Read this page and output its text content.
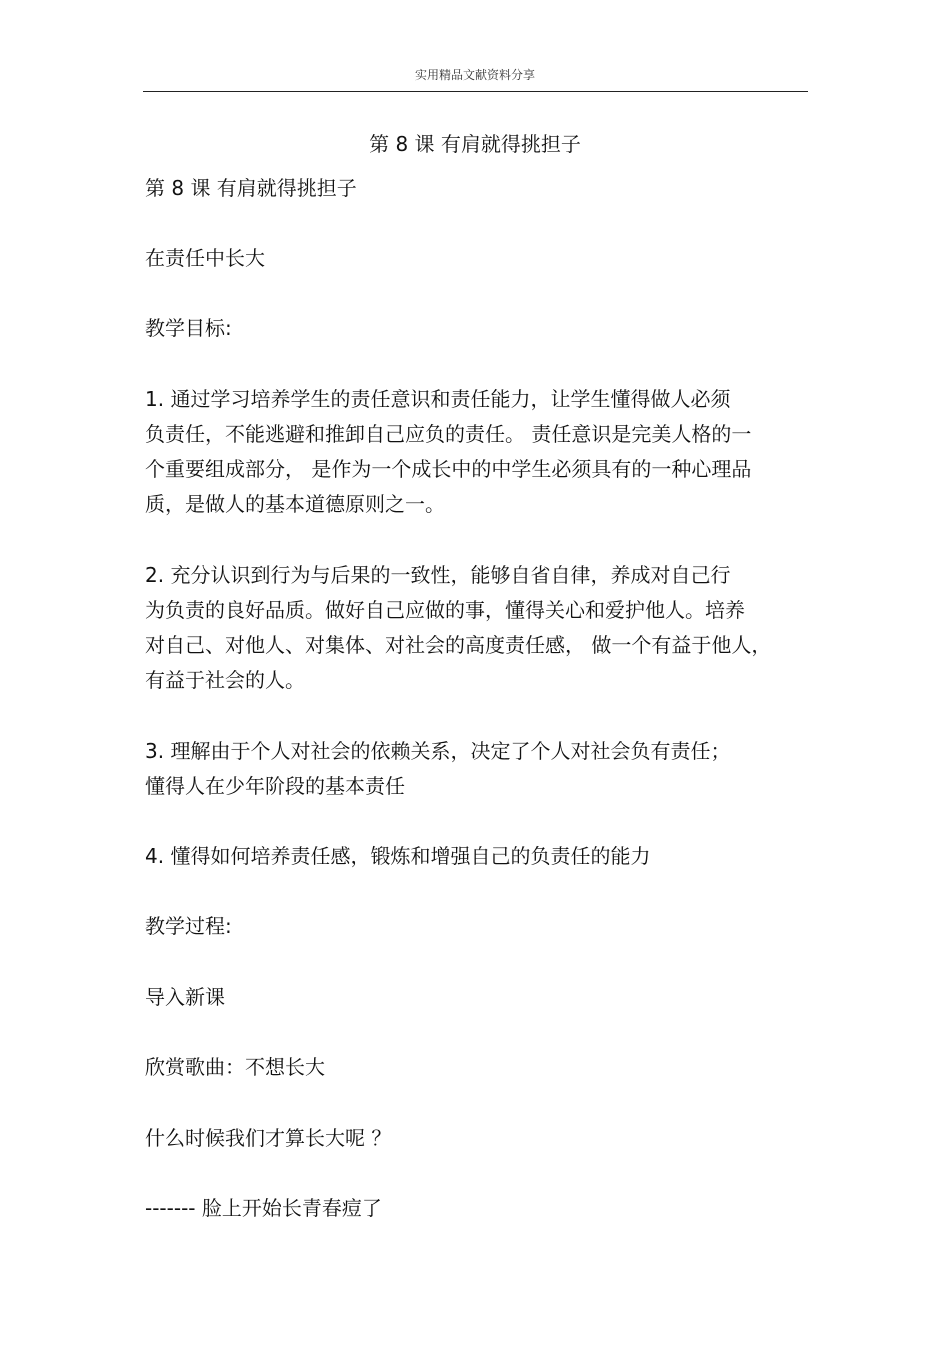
实用精品文献资料分享
第 8 课 有肩就得挑担子
第 8 课 有肩就得挑担子
在责任中长大
教学目标:
1. 通过学习培养学生的责任意识和责任能力，让学生懂得做人必须
负责任，不能逃避和推卸自己应负的责任。 责任意识是完美人格的一
个重要组成部分， 是作为一个成长中的中学生必须具有的一种心理品
质，是做人的基本道德原则之一。
2. 充分认识到行为与后果的一致性，能够自省自律，养成对自己行
为负责的良好品质。做好自己应做的事，懂得关心和爱护他人。培养
对自己、对他人、对集体、对社会的高度责任感， 做一个有益于他人，
有益于社会的人。
3. 理解由于个人对社会的依赖关系，决定了个人对社会负有责任；
懂得人在少年阶段的基本责任
4. 懂得如何培养责任感，锻炼和增强自己的负责任的能力
教学过程:
导入新课
欣赏歌曲：不想长大
什么时候我们才算长大呢 ？
------- 脸上开始长青春痘了
